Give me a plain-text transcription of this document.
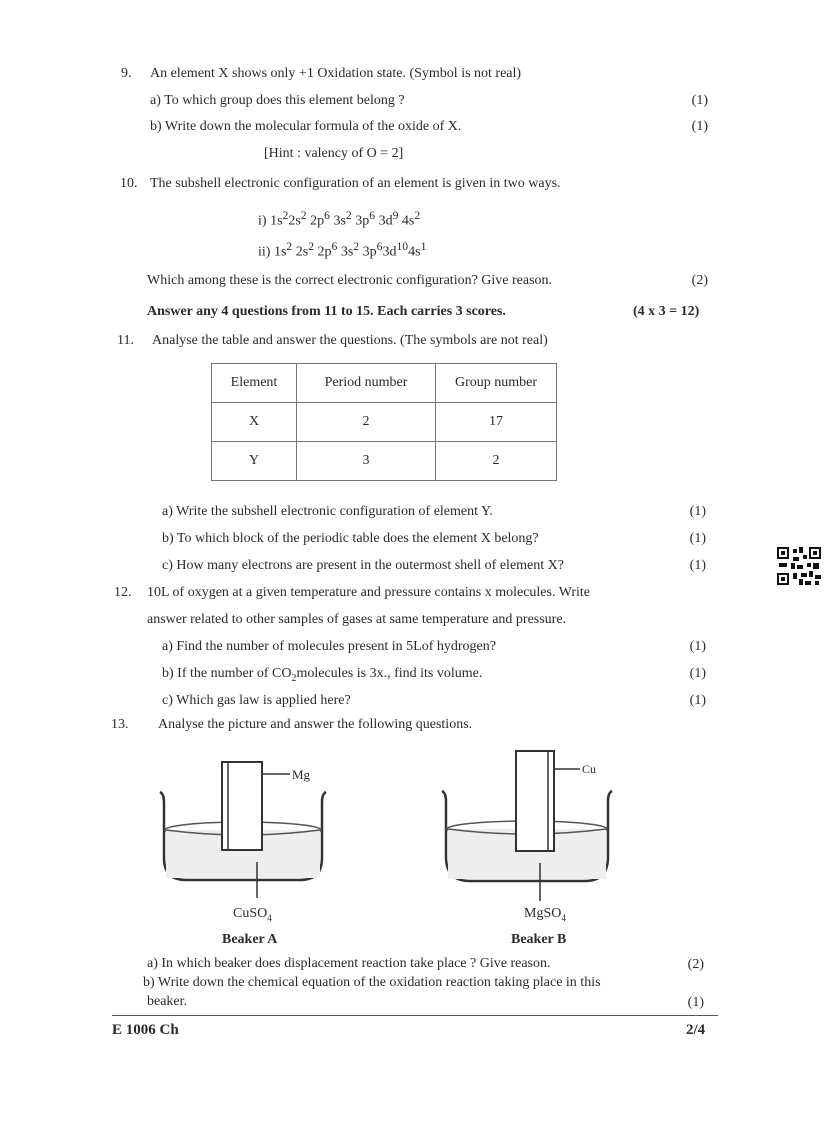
9. An element X shows only +1 Oxidation state. (Symbol is not real)
a) To which group does this element belong ?	(1)
b) Write down the molecular formula of the oxide of X.	(1)
[Hint : valency of O = 2]
10. The subshell electronic configuration of an element is given in two ways.
i) $1s^22s^2$ $2p^6$ $3s^2$ $3p^6$ $3d^9$ $4s^2$
ii) $1s^2$ $2s^2$ $2p^6$ $3s^2$ $3p^63d^{10}4s^1$
Which among these is the correct electronic configuration? Give reason.	(2)
Answer any 4 questions from 11 to 15. Each carries 3 scores.	(4 x 3 = 12)
11. Analyse the table and answer the questions. (The symbols are not real)
Element	Period number	Group number
X	2	17
Y	3	2
a) Write the subshell electronic configuration of element Y.	(1)
b) To which block of the periodic table does the element X belong?	(1)
c) How many electrons are present in the outermost shell of element X?	(1)
12. 10L of oxygen at a given temperature and pressure contains x molecules. Write
answer related to other samples of gases at same temperature and pressure.
a) Find the number of molecules present in 5Lof hydrogen?	(1)
b) If the number of $CO_2molecules$ is 3x., find its volume.	(1)
c) Which gas law is applied here?	(1)
13. Analyse the picture and answer the following questions.
Mg	Cu
CuSO$_4$	MgSO$_4$
Beaker A	Beaker B
a) In which beaker does displacement reaction take place ? Give reason.	(2)
b) Write down the chemical equation of the oxidation reaction taking place in this
beaker.	(1)
E 1006 Ch	2/4
